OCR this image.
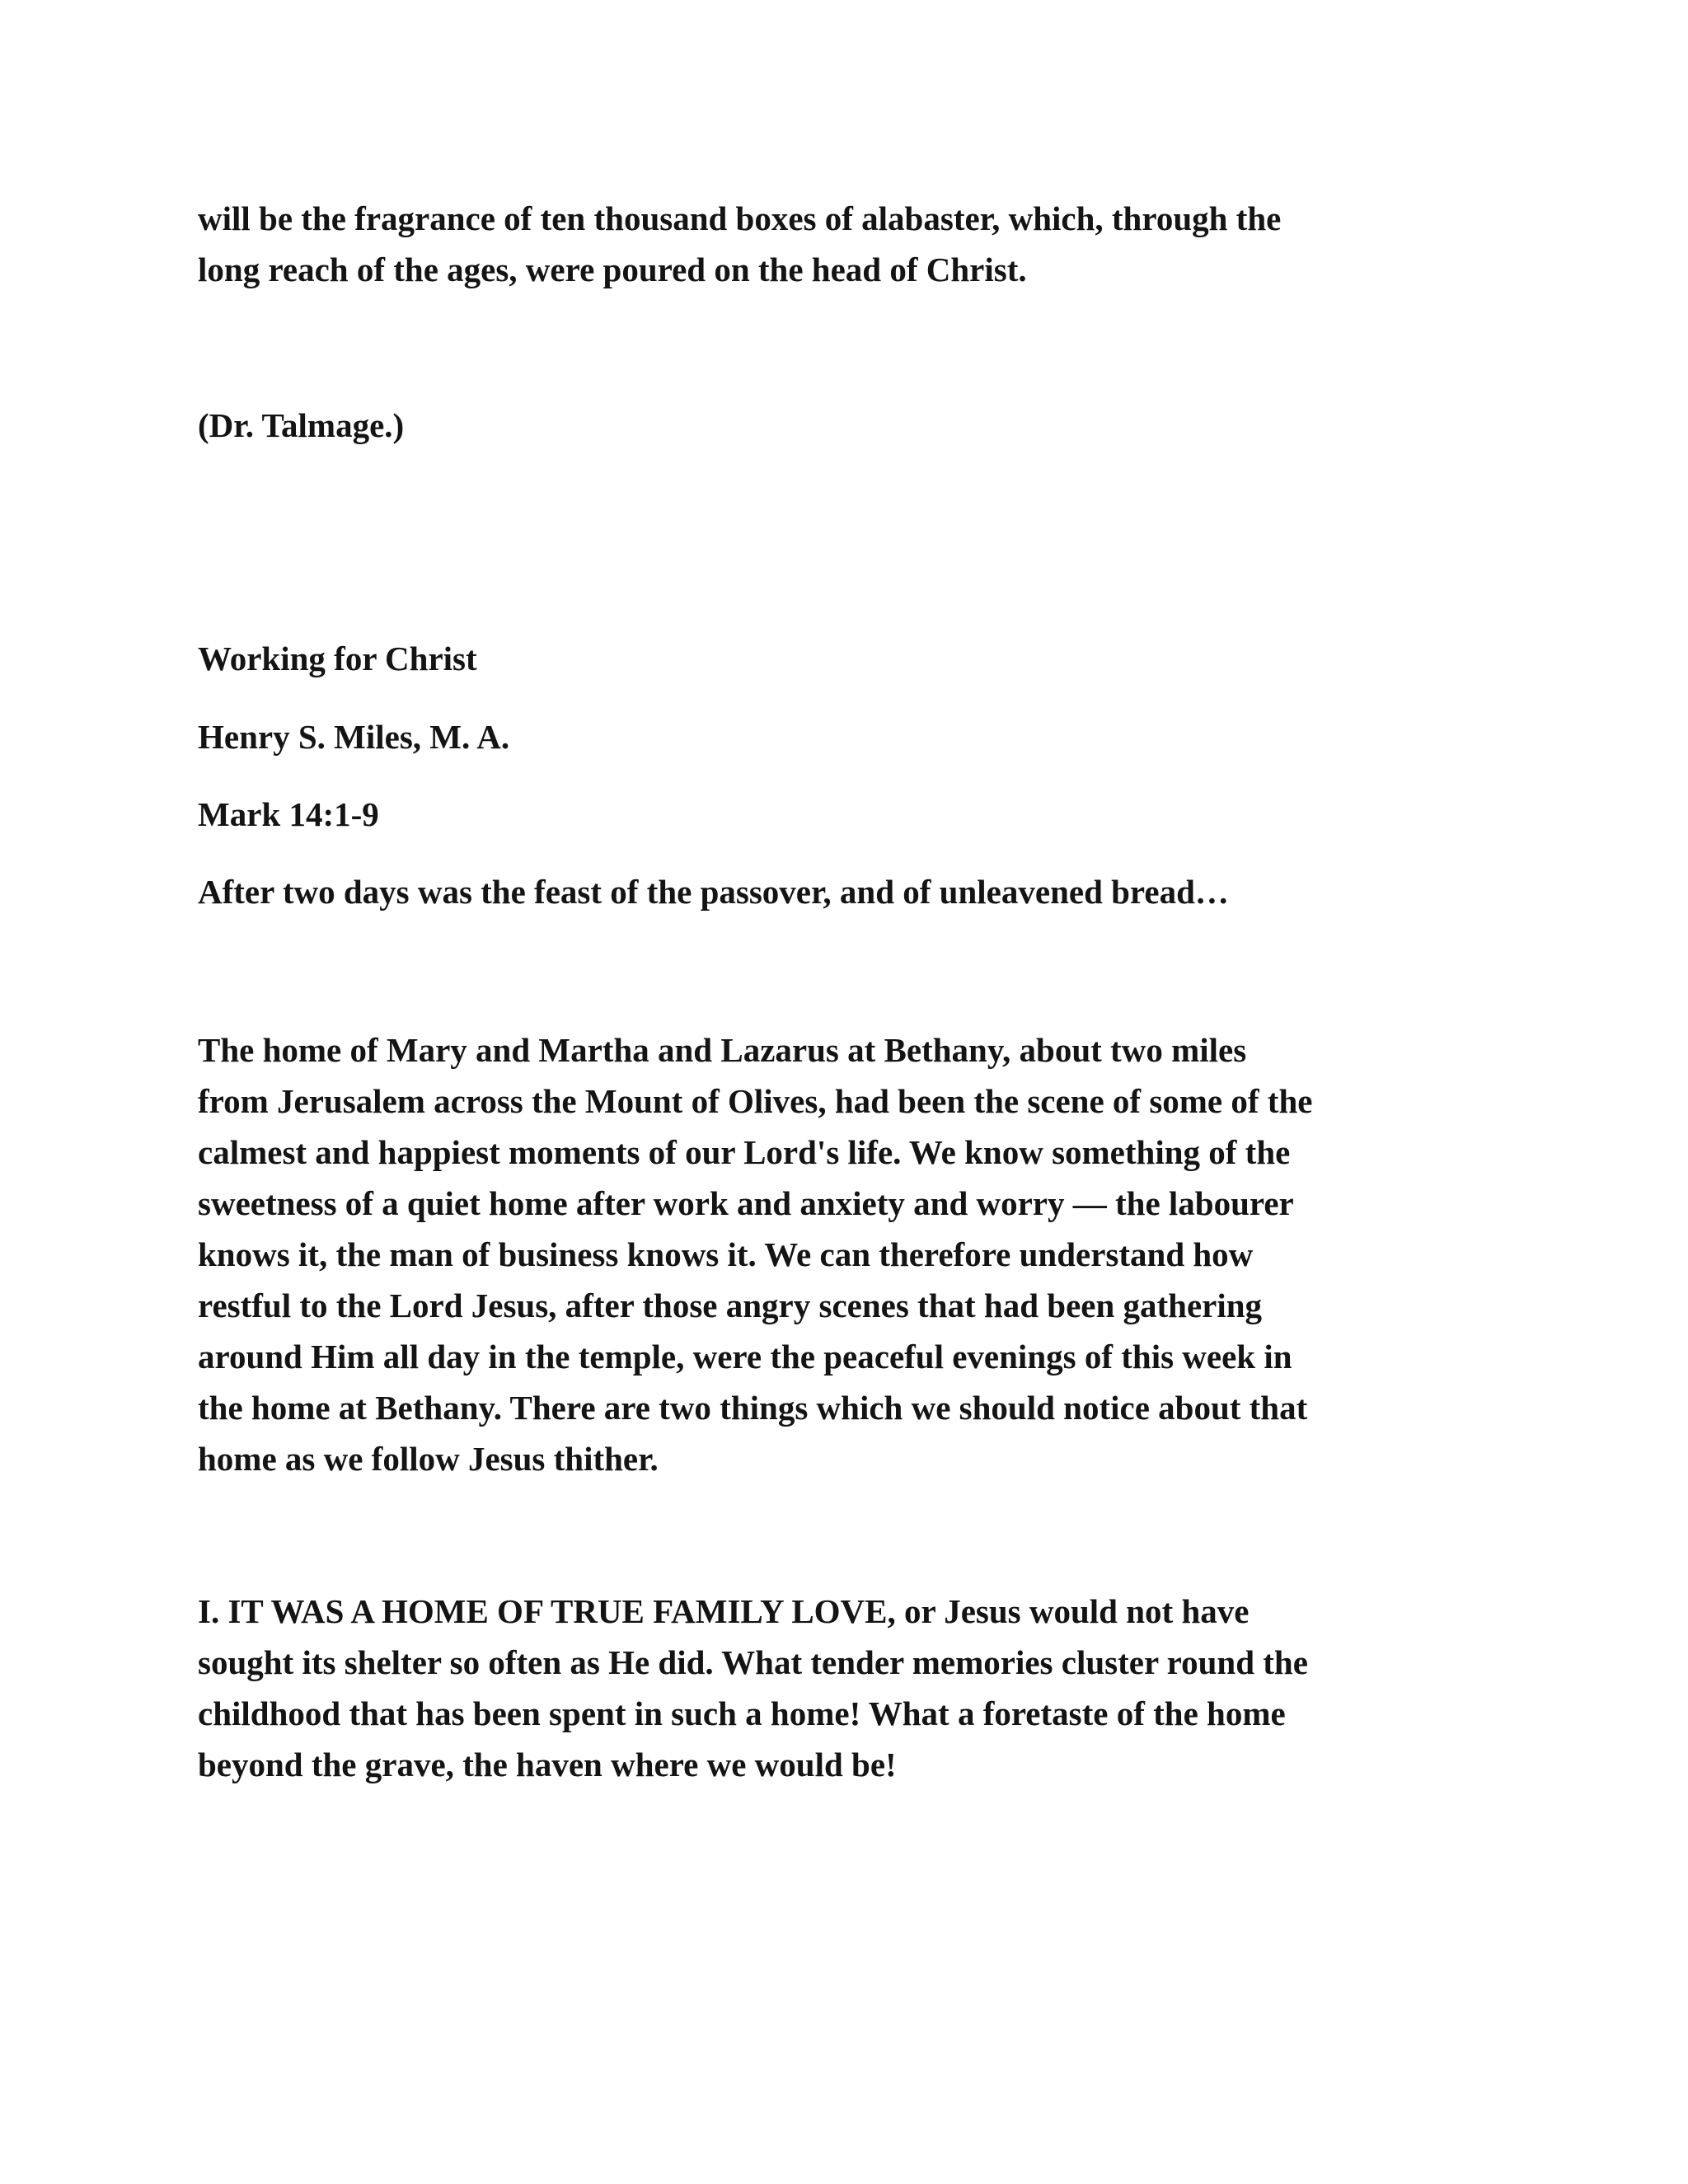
will be the fragrance of ten thousand boxes of alabaster, which, through the
long reach of the ages, were poured on the head of Christ.
(Dr. Talmage.)
Working for Christ
Henry S. Miles, M. A.
Mark 14:1-9
After two days was the feast of the passover, and of unleavened bread…
The home of Mary and Martha and Lazarus at Bethany, about two miles
from Jerusalem across the Mount of Olives, had been the scene of some of the
calmest and happiest moments of our Lord's life. We know something of the
sweetness of a quiet home after work and anxiety and worry — the labourer
knows it, the man of business knows it. We can therefore understand how
restful to the Lord Jesus, after those angry scenes that had been gathering
around Him all day in the temple, were the peaceful evenings of this week in
the home at Bethany. There are two things which we should notice about that
home as we follow Jesus thither.
I. IT WAS A HOME OF TRUE FAMILY LOVE, or Jesus would not have
sought its shelter so often as He did. What tender memories cluster round the
childhood that has been spent in such a home! What a foretaste of the home
beyond the grave, the haven where we would be!
